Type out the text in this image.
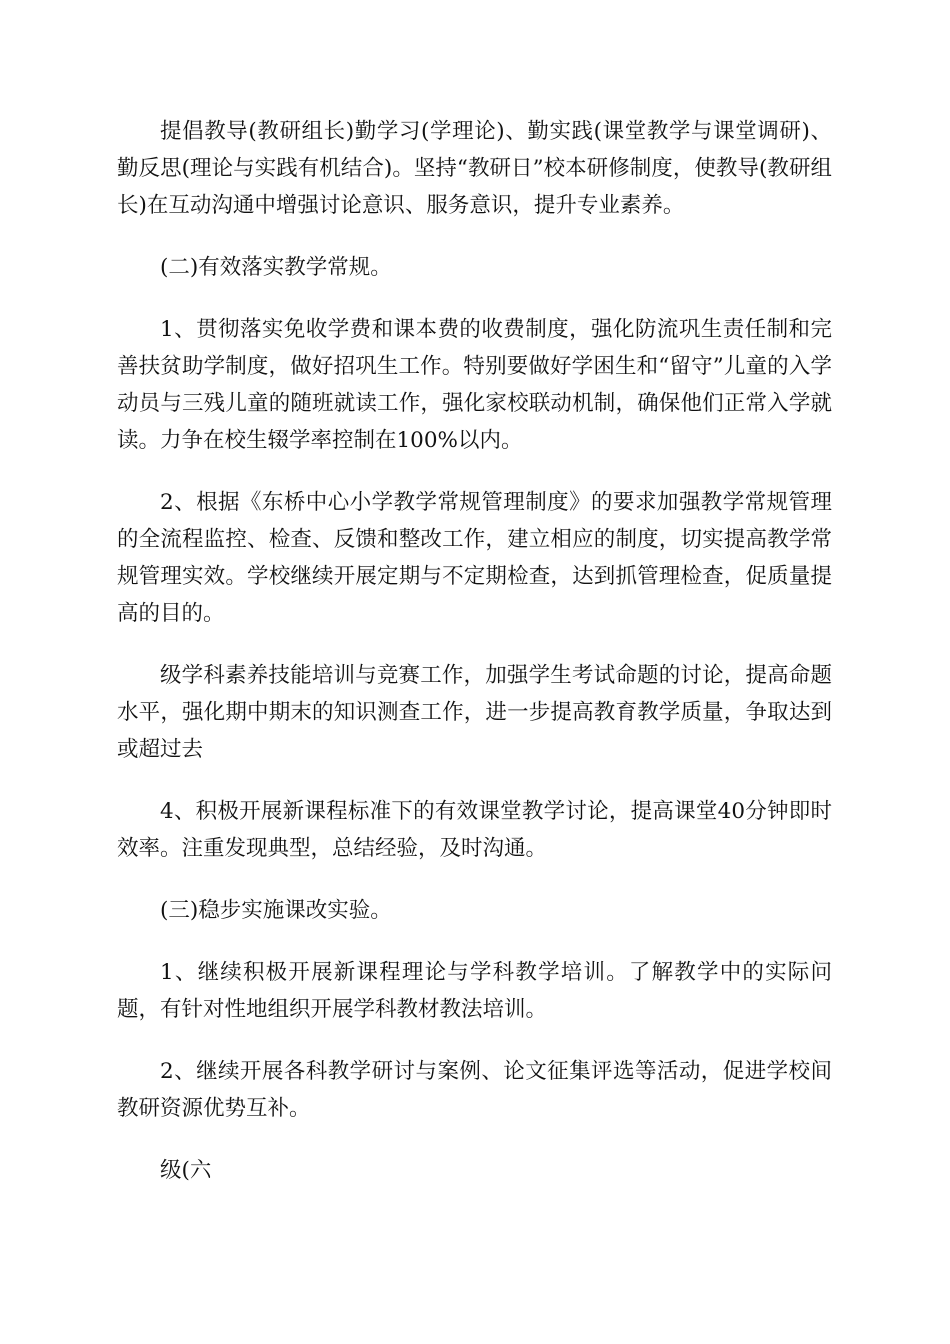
提倡教导(教研组长)勤学习(学理论)、勤实践(课堂教学与课堂调研)、勤反思(理论与实践有机结合)。坚持“教研日”校本研修制度，使教导(教研组长)在互动沟通中增强讨论意识、服务意识，提升专业素养。

(二)有效落实教学常规。

1、贯彻落实免收学费和课本费的收费制度，强化防流巩生责任制和完善扶贫助学制度，做好招巩生工作。特别要做好学困生和“留守”儿童的入学动员与三残儿童的随班就读工作，强化家校联动机制，确保他们正常入学就读。力争在校生辍学率控制在100%以内。

2、根据《东桥中心小学教学常规管理制度》的要求加强教学常规管理的全流程监控、检查、反馈和整改工作，建立相应的制度，切实提高教学常规管理实效。学校继续开展定期与不定期检查，达到抓管理检查，促质量提高的目的。

级学科素养技能培训与竞赛工作，加强学生考试命题的讨论，提高命题水平，强化期中期末的知识测查工作，进一步提高教育教学质量，争取达到或超过去

4、积极开展新课程标准下的有效课堂教学讨论，提高课堂40分钟即时效率。注重发现典型，总结经验，及时沟通。

(三)稳步实施课改实验。

1、继续积极开展新课程理论与学科教学培训。了解教学中的实际问题，有针对性地组织开展学科教材教法培训。

2、继续开展各科教学研讨与案例、论文征集评选等活动，促进学校间教研资源优势互补。

级(六
